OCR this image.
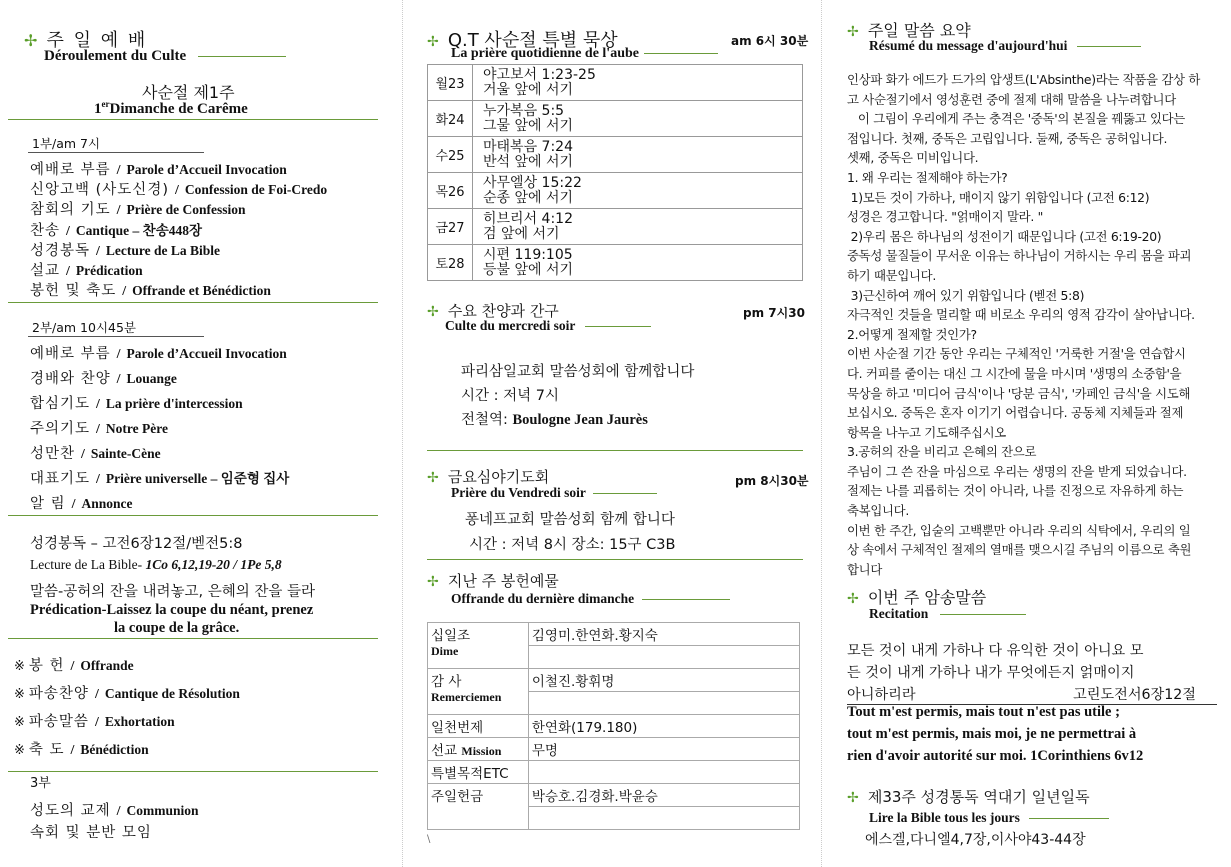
✢ 주 일 예 배
Déroulement du Culte
사순절 제1주
1erDimanche de Carême
1부/am 7시
예배로 부름 / Parole d’Accueil Invocation
신앙고백 (사도신경) / Confession de Foi-Credo
참회의 기도 / Prière de Confession
찬송 / Cantique – 찬송448장
성경봉독 / Lecture de La Bible
설교 / Prédication
봉헌 및 축도 / Offrande et Bénédiction
2부/am 10시45분
예배로 부름 / Parole d’Accueil Invocation
경배와 찬양 / Louange
합심기도 / La prière d'intercession
주의기도 / Notre Père
성만찬 / Sainte-Cène
대표기도 / Prière universelle – 임준형 집사
알 림 / Annonce
성경봉독 – 고전6장12절/벧전5:8
Lecture de La Bible- 1Co 6,12,19-20 / 1Pe 5,8
말씀-공허의 잔을 내려놓고, 은혜의 잔을 들라
Prédication-Laissez la coupe du néant, prenez
la coupe de la grâce.
※ 봉 헌 / Offrande
※ 파송찬양 / Cantique de Résolution
※ 파송말씀 / Exhortation
※ 축 도 / Bénédiction
3부
성도의 교제 / Communion
속회 및 분반 모임
✢ Q.T 사순절 특별 묵상	am 6시 30분
La prière quotidienne de l'aube
월23	야고보서 1:23-25
거울 앞에 서기

화24	누가복음 5:5
그물 앞에 서기

수25	마태복음 7:24
반석 앞에 서기

목26	사무엘상 15:22
순종 앞에 서기

금27	히브리서 4:12
검 앞에 서기

토28	시편 119:105
등불 앞에 서기
✢ 수요 찬양과 간구	pm 7시30
Culte du mercredi soir
파리삼일교회 말씀성회에 함께합니다
시간 : 저녁 7시
전철역: Boulogne Jean Jaurès
✢ 금요심야기도회	pm 8시30분
Prière du Vendredi soir
퐁네프교회 말씀성회 함께 합니다
시간 : 저녁 8시 장소: 15구 C3B
✢ 지난 주 봉헌예물
Offrande du dernière dimanche
십일조
Dime	김영미.한연화.황지숙

감 사
Remerciemen	이철진.황휘명

일천번제	한연화(179.180)

선교 Mission	무명

특별목적ETC	

주일헌금	박승호.김경화.박윤승
\
✢ 주일 말씀 요약
Résumé du message d'aujourd'hui
인상파 화가 에드가 드가의 압생트(L'Absinthe)라는 작품을 감상 하
고 사순절기에서 영성훈련 중에 절제 대해 말씀을 나누려합니다
이 그림이 우리에게 주는 충격은 '중독'의 본질을 꿰뚫고 있다는
점입니다. 첫째, 중독은 고립입니다. 둘째, 중독은 공허입니다.
셋째, 중독은 미비입니다.
1. 왜 우리는 절제해야 하는가?
1)모든 것이 가하나, 매이지 않기 위함입니다 (고전 6:12)
성경은 경고합니다. "얽매이지 말라. "
2)우리 몸은 하나님의 성전이기 때문입니다 (고전 6:19-20)
중독성 물질들이 무서운 이유는 하나님이 거하시는 우리 몸을 파괴
하기 때문입니다.
3)근신하여 깨어 있기 위함입니다 (벧전 5:8)
자극적인 것들을 멀리할 때 비로소 우리의 영적 감각이 살아납니다.
2.어떻게 절제할 것인가?
이번 사순절 기간 동안 우리는 구체적인 '거룩한 거절'을 연습합시
다. 커피를 줄이는 대신 그 시간에 물을 마시며 '생명의 소중함'을
묵상을 하고 '미디어 금식'이나 '당분 금식', '카페인 금식'을 시도해
보십시오. 중독은 혼자 이기기 어렵습니다. 공동체 지체들과 절제
항목을 나누고 기도해주십시오
3.공허의 잔을 비리고 은혜의 잔으로
주님이 그 쓴 잔을 마심으로 우리는 생명의 잔을 받게 되었습니다.
절제는 나를 괴롭히는 것이 아니라, 나를 진정으로 자유하게 하는
축복입니다.
이번 한 주간, 입술의 고백뿐만 아니라 우리의 식탁에서, 우리의 일
상 속에서 구체적인 절제의 열매를 맺으시길 주님의 이름으로 축원
합니다
✢ 이번 주 암송말씀
Recitation
모든 것이 내게 가하나 다 유익한 것이 아니요 모
든 것이 내게 가하나 내가 무엇에든지 얽매이지
아니하리라	고린도전서6장12절
Tout m'est permis, mais tout n'est pas utile ;
tout m'est permis, mais moi, je ne permettrai à
rien d'avoir autorité sur moi. 1Corinthiens 6v12
✢ 제33주 성경통독 역대기 일년일독
Lire la Bible tous les jours
에스겔,다니엘4,7장,이사야43-44장
